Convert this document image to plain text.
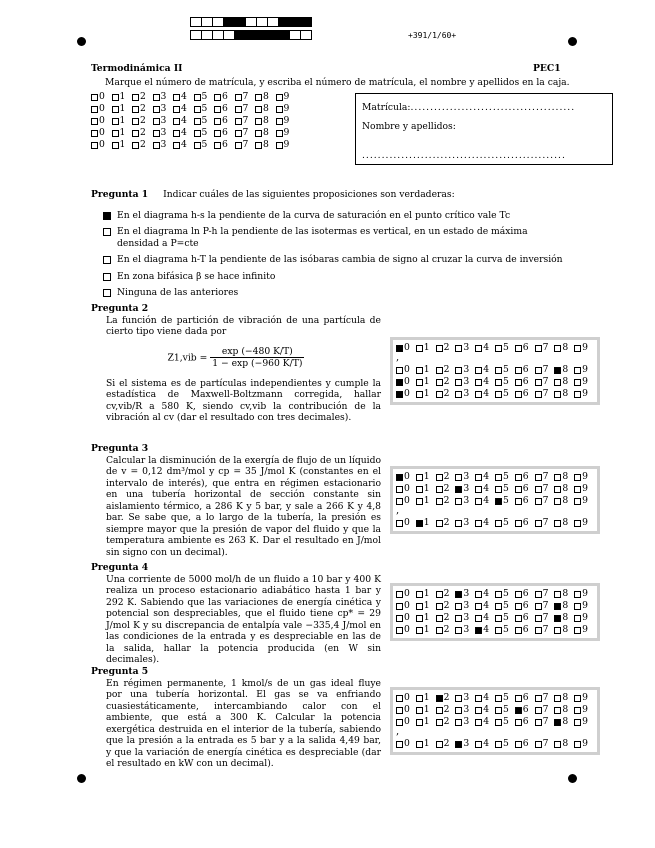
+391/1/60+
Termodinámica II	PEC1
Marque el número de matrícula, y escriba el número de matrícula, el nombre y apellidos en la caja.
0 1 2 3 4 5 6 7 8 9
0 1 2 3 4 5 6 7 8 9
0 1 2 3 4 5 6 7 8 9
0 1 2 3 4 5 6 7 8 9
0 1 2 3 4 5 6 7 8 9
Matrícula: ..........................................
Nombre y apellidos:
....................................................
Pregunta 1 Indicar cuáles de las siguientes proposiciones son verdaderas:
En el diagrama h-s la pendiente de la curva de saturación en el punto crítico vale Tc
En el diagrama ln P-h la pendiente de las isotermas es vertical, en un estado de máxima densidad a P=cte
En el diagrama h-T la pendiente de las isóbaras cambia de signo al cruzar la curva de inversión
En zona bifásica β se hace infinito
Ninguna de las anteriores
Pregunta 2
La función de partición de vibración de una partícula de cierto tipo viene dada por
$Z1,vib = \frac{\exp (-480 K/T)}{1 - \exp (-960 K/T)}$
Si el sistema es de partículas independientes y cumple la estadística de Maxwell-Boltzmann corregida, hallar cv,vib/R a 580 K, siendo cv,vib la contribución de la vibración al cv (dar el resultado con tres decimales).
0 1 2 3 4 5 6 7 8 9
,
0 1 2 3 4 5 6 7 8 9
0 1 2 3 4 5 6 7 8 9
0 1 2 3 4 5 6 7 8 9
Pregunta 3
Calcular la disminución de la exergía de flujo de un líquido de v = 0,12 dm³/mol y cp = 35 J/mol K (constantes en el intervalo de interés), que entra en régimen estacionario en una tubería horizontal de sección constante sin aislamiento térmico, a 286 K y 5 bar, y sale a 266 K y 4,8 bar. Se sabe que, a lo largo de la tubería, la presión es siempre mayor que la presión de vapor del fluido y que la temperatura ambiente es 263 K. Dar el resultado en J/mol sin signo con un decimal).
0 1 2 3 4 5 6 7 8 9
0 1 2 3 4 5 6 7 8 9
0 1 2 3 4 5 6 7 8 9
,
0 1 2 3 4 5 6 7 8 9
Pregunta 4
Una corriente de 5000 mol/h de un fluido a 10 bar y 400 K realiza un proceso estacionario adiabático hasta 1 bar y 292 K. Sabiendo que las variaciones de energía cinética y potencial son despreciables, que el fluido tiene cp* = 29 J/mol K y su discrepancia de entalpía vale −335,4 J/mol en las condiciones de la entrada y es despreciable en las de la salida, hallar la potencia producida (en W sin decimales).
0 1 2 3 4 5 6 7 8 9
0 1 2 3 4 5 6 7 8 9
0 1 2 3 4 5 6 7 8 9
0 1 2 3 4 5 6 7 8 9
Pregunta 5
En régimen permanente, 1 kmol/s de un gas ideal fluye por una tubería horizontal. El gas se va enfriando cuasiestáticamente, intercambiando calor con el ambiente, que está a 300 K. Calcular la potencia exergética destruida en el interior de la tubería, sabiendo que la presión a la entrada es 5 bar y a la salida 4,49 bar, y que la variación de energía cinética es despreciable (dar el resultado en kW con un decimal).
0 1 2 3 4 5 6 7 8 9
0 1 2 3 4 5 6 7 8 9
0 1 2 3 4 5 6 7 8 9
,
0 1 2 3 4 5 6 7 8 9
